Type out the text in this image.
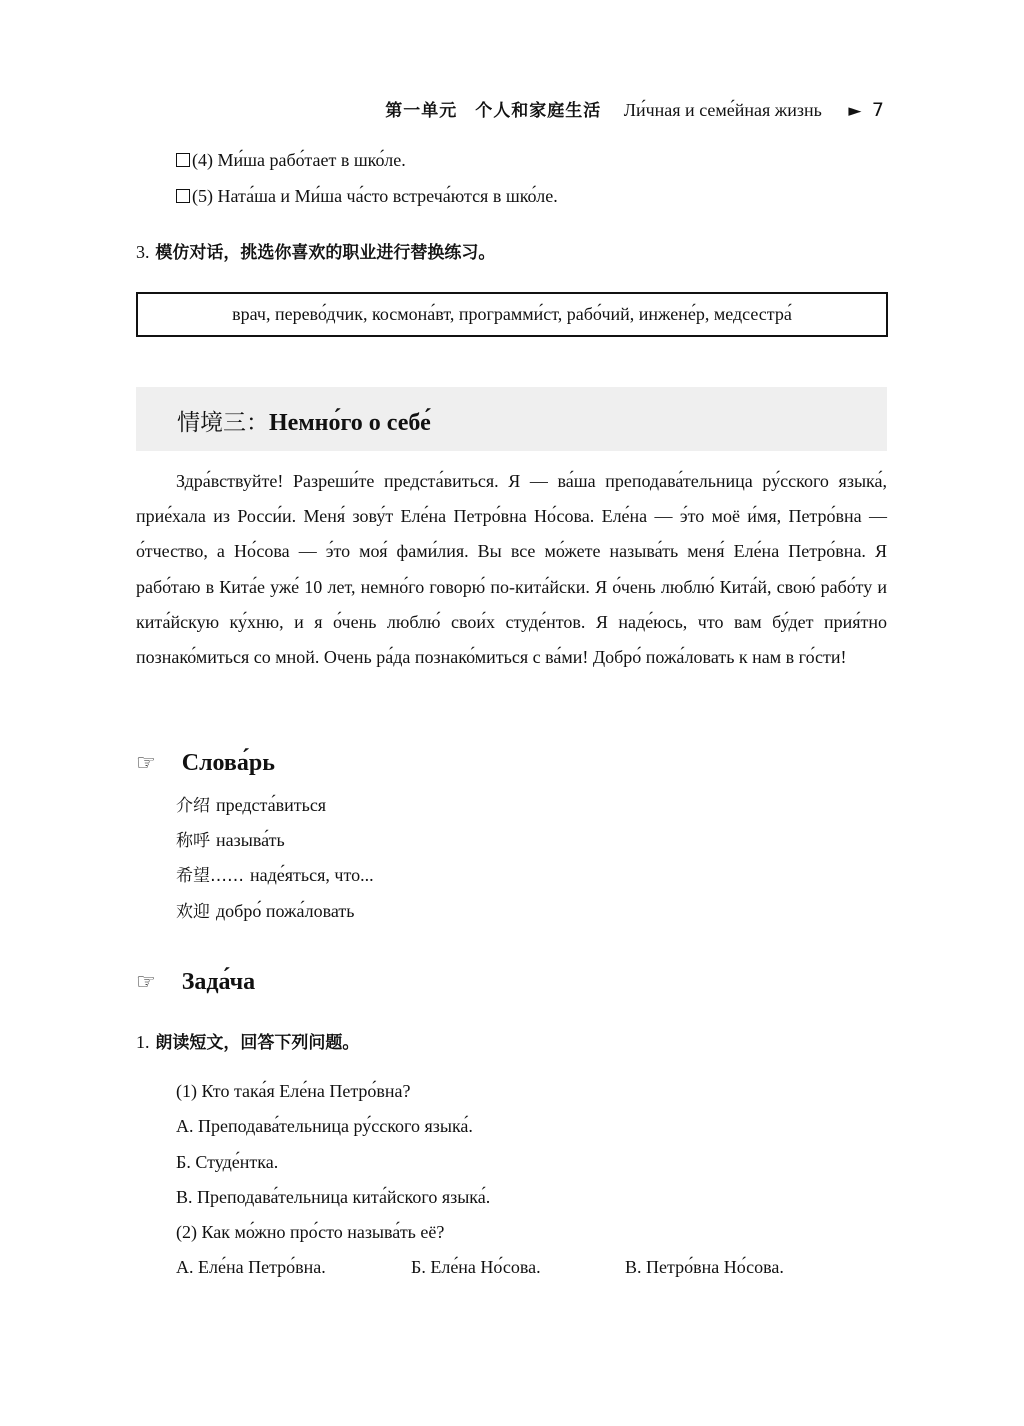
第一单元　个人和家庭生活 Ли́чная и семе́йная жизнь ► 7
(4) Ми́ша рабо́тает в шко́ле.
(5) Ната́ша и Ми́ша ча́сто встреча́ются в шко́ле.
3. 模仿对话，挑选你喜欢的职业进行替换练习。
врач, перево́дчик, космона́вт, программи́ст, рабо́чий, инжене́р, медсестра́
情境三：Немно́го о себе́

Здра́вствуйте! Разреши́те предста́виться. Я — ва́ша преподава́тельница ру́сского языка́, прие́хала из Росси́и. Меня́ зову́т Еле́на Петро́вна Но́сова. Еле́на — э́то моё и́мя, Петро́вна — о́тчество, а Но́сова — э́то моя́ фами́лия. Вы все мо́жете называ́ть меня́ Еле́на Петро́вна. Я рабо́таю в Кита́е уже́ 10 лет, немно́го говорю́ по-кита́йски. Я о́чень люблю́ Кита́й, свою́ рабо́ту и кита́йскую ку́хню, и я о́чень люблю́ свои́х студе́нтов. Я наде́юсь, что вам бу́дет прия́тно познако́миться со мной. Очень ра́да познако́миться с ва́ми! Добро́ пожа́ловать к нам в го́сти!

☞ Слова́рь
介绍 предста́виться
称呼 называ́ть
希望…… наде́яться, что...
欢迎 добро́ пожа́ловать
☞ Зада́ча
1. 朗读短文，回答下列问题。
(1) Кто така́я Еле́на Петро́вна?
А. Преподава́тельница ру́сского языка́.
Б. Студе́нтка.
В. Преподава́тельница кита́йского языка́.
(2) Как мо́жно про́сто называ́ть её?
А. Еле́на Петро́вна.	Б. Еле́на Но́сова.	В. Петро́вна Но́сова.
